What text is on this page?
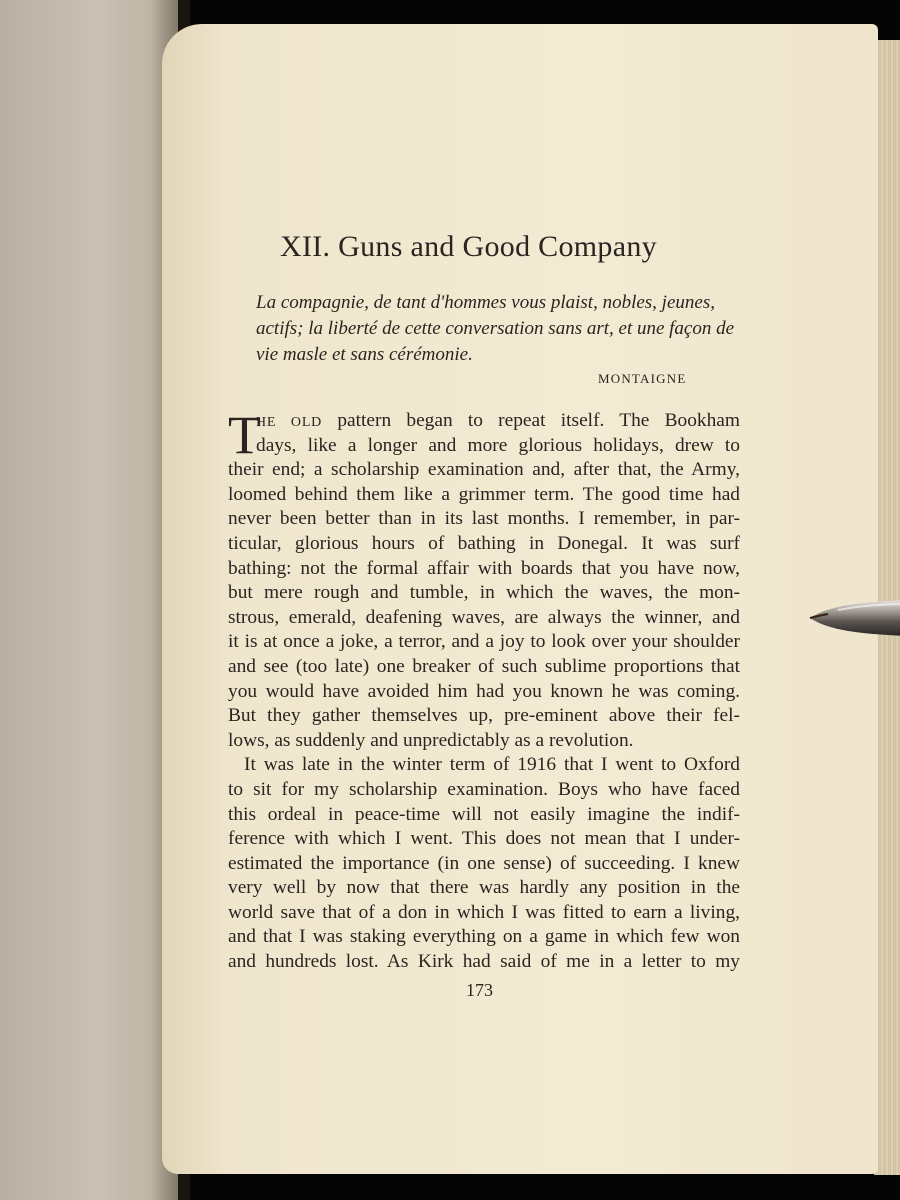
XII. Guns and Good Company
La compagnie, de tant d'hommes vous plaist, nobles, jeunes,
actifs; la liberté de cette conversation sans art, et une façon de
vie masle et sans cérémonie.
MONTAIGNE
T
HE OLD pattern began to repeat itself. The Bookham
days, like a longer and more glorious holidays, drew to
their end; a scholarship examination and, after that, the Army,
loomed behind them like a grimmer term. The good time had
never been better than in its last months. I remember, in par-
ticular, glorious hours of bathing in Donegal. It was surf
bathing: not the formal affair with boards that you have now,
but mere rough and tumble, in which the waves, the mon-
strous, emerald, deafening waves, are always the winner, and
it is at once a joke, a terror, and a joy to look over your shoulder
and see (too late) one breaker of such sublime proportions that
you would have avoided him had you known he was coming.
But they gather themselves up, pre-eminent above their fel-
lows, as suddenly and unpredictably as a revolution.
It was late in the winter term of 1916 that I went to Oxford
to sit for my scholarship examination. Boys who have faced
this ordeal in peace-time will not easily imagine the indif-
ference with which I went. This does not mean that I under-
estimated the importance (in one sense) of succeeding. I knew
very well by now that there was hardly any position in the
world save that of a don in which I was fitted to earn a living,
and that I was staking everything on a game in which few won
and hundreds lost. As Kirk had said of me in a letter to my
173
